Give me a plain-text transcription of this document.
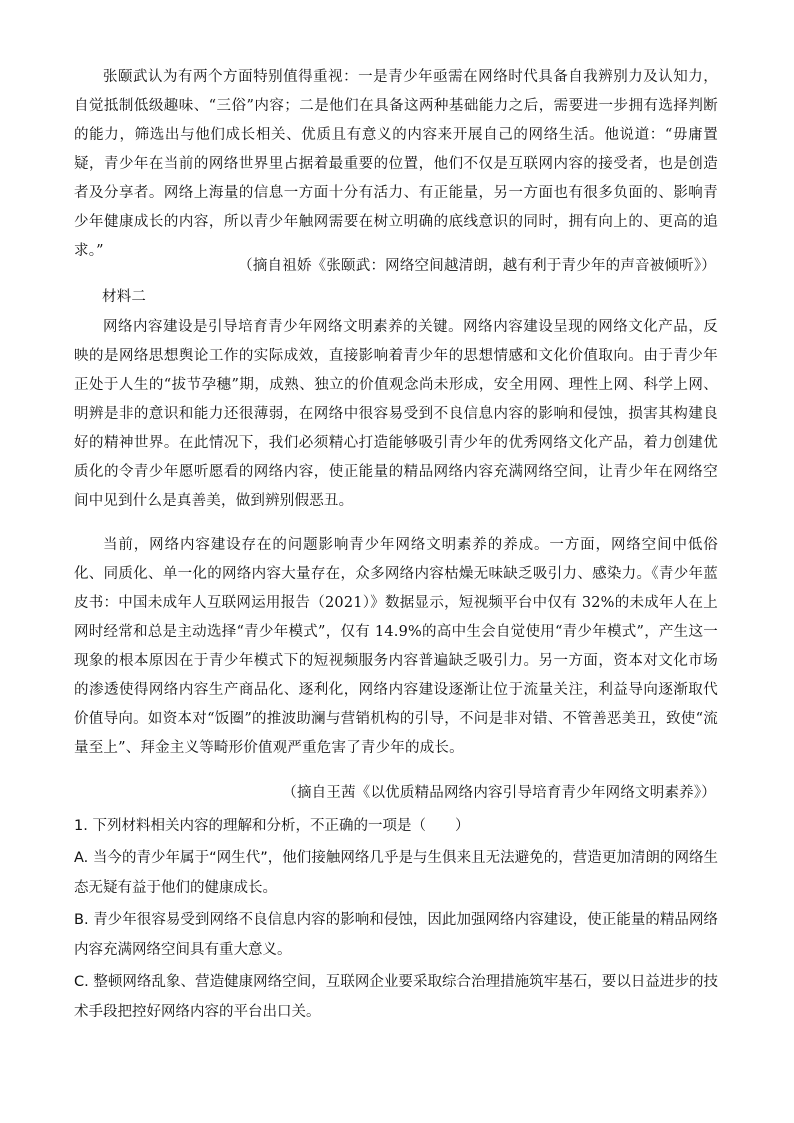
张颐武认为有两个方面特别值得重视：一是青少年亟需在网络时代具备自我辨别力及认知力，自觉抵制低级趣味、“三俗”内容；二是他们在具备这两种基础能力之后，需要进一步拥有选择判断的能力，筛选出与他们成长相关、优质且有意义的内容来开展自己的网络生活。他说道：“毋庸置疑，青少年在当前的网络世界里占据着最重要的位置，他们不仅是互联网内容的接受者，也是创造者及分享者。网络上海量的信息一方面十分有活力、有正能量，另一方面也有很多负面的、影响青少年健康成长的内容，所以青少年触网需要在树立明确的底线意识的同时，拥有向上的、更高的追求。”

（摘自祖娇《张颐武：网络空间越清朗，越有利于青少年的声音被倾听》）

材料二

网络内容建设是引导培育青少年网络文明素养的关键。网络内容建设呈现的网络文化产品，反映的是网络思想舆论工作的实际成效，直接影响着青少年的思想情感和文化价值取向。由于青少年正处于人生的“拔节孕穗”期，成熟、独立的价值观念尚未形成，安全用网、理性上网、科学上网、明辨是非的意识和能力还很薄弱，在网络中很容易受到不良信息内容的影响和侵蚀，损害其构建良好的精神世界。在此情况下，我们必须精心打造能够吸引青少年的优秀网络文化产品，着力创建优质化的令青少年愿听愿看的网络内容，使正能量的精品网络内容充满网络空间，让青少年在网络空间中见到什么是真善美，做到辨别假恶丑。

当前，网络内容建设存在的问题影响青少年网络文明素养的养成。一方面，网络空间中低俗化、同质化、单一化的网络内容大量存在，众多网络内容枯燥无味缺乏吸引力、感染力。《青少年蓝皮书：中国未成年人互联网运用报告（2021）》数据显示，短视频平台中仅有 32%的未成年人在上网时经常和总是主动选择“青少年模式”，仅有 14.9%的高中生会自觉使用“青少年模式”，产生这一现象的根本原因在于青少年模式下的短视频服务内容普遍缺乏吸引力。另一方面，资本对文化市场的渗透使得网络内容生产商品化、逐利化，网络内容建设逐渐让位于流量关注，利益导向逐渐取代价值导向。如资本对“饭圈”的推波助澜与营销机构的引导，不问是非对错、不管善恶美丑，致使“流量至上”、拜金主义等畸形价值观严重危害了青少年的成长。

（摘自王茜《以优质精品网络内容引导培育青少年网络文明素养》）

1. 下列材料相关内容的理解和分析，不正确的一项是（　　）

A. 当今的青少年属于“网生代”，他们接触网络几乎是与生俱来且无法避免的，营造更加清朗的网络生态无疑有益于他们的健康成长。

B. 青少年很容易受到网络不良信息内容的影响和侵蚀，因此加强网络内容建设，使正能量的精品网络内容充满网络空间具有重大意义。

C. 整顿网络乱象、营造健康网络空间，互联网企业要采取综合治理措施筑牢基石，要以日益进步的技术手段把控好网络内容的平台出口关。
